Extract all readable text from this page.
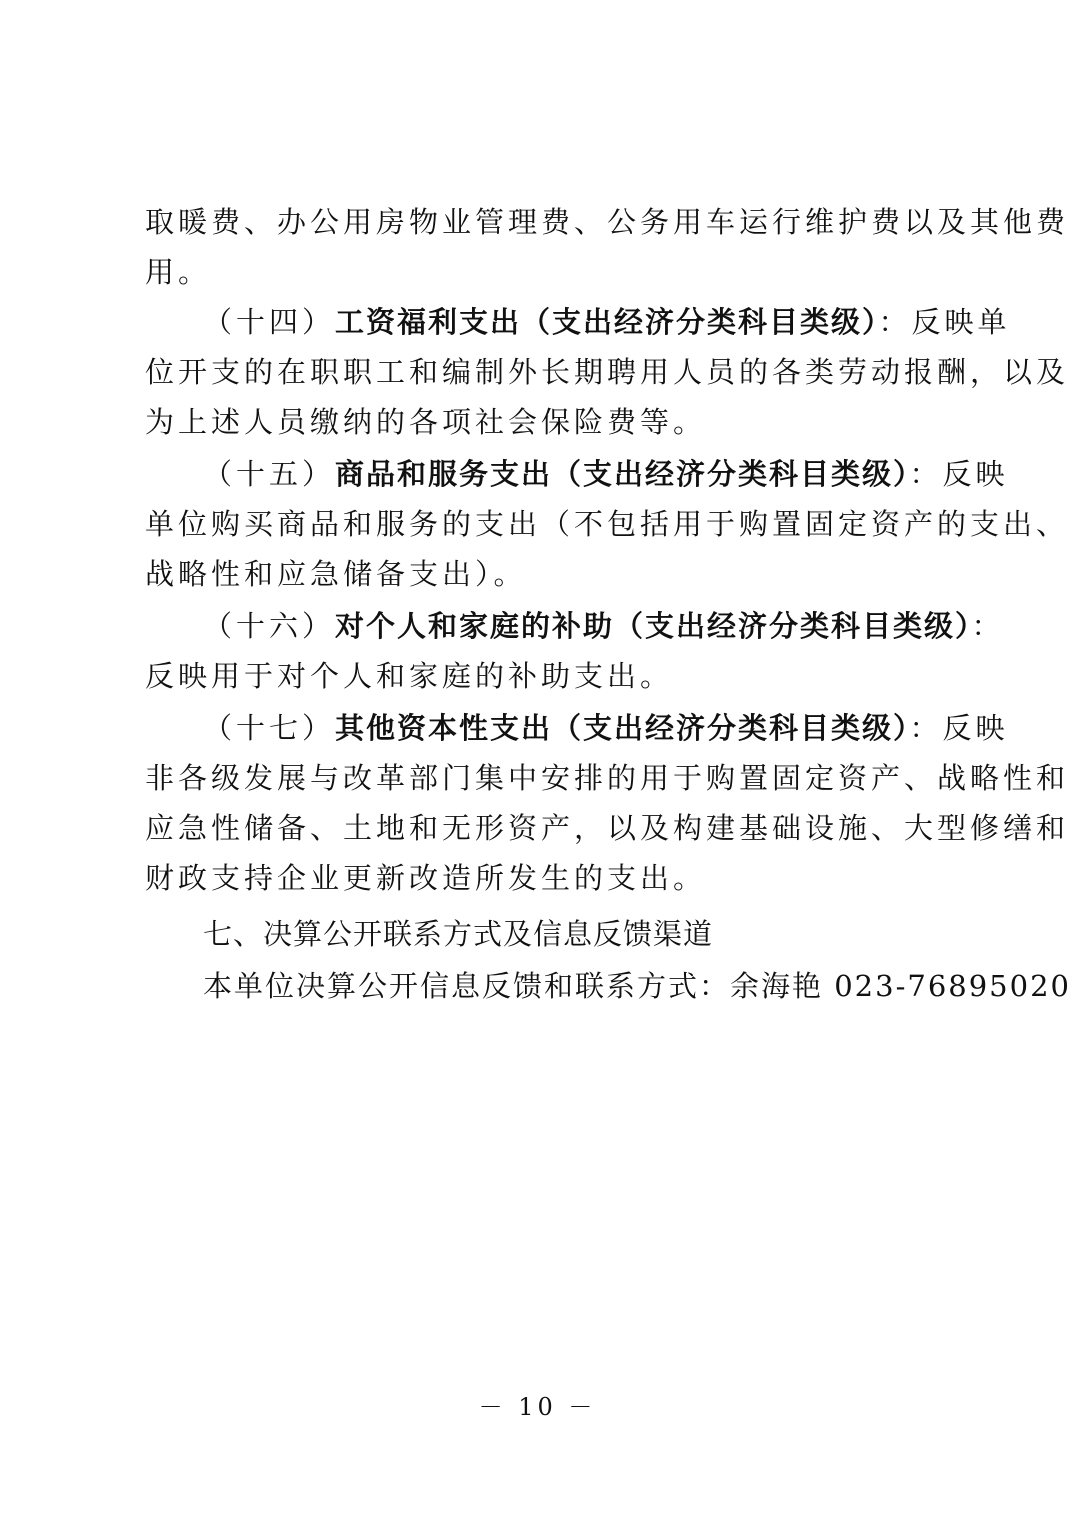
取暖费、办公用房物业管理费、公务用车运行维护费以及其他费
用。
（十四）工资福利支出（支出经济分类科目类级）：反映单
位开支的在职职工和编制外长期聘用人员的各类劳动报酬，以及
为上述人员缴纳的各项社会保险费等。
（十五）商品和服务支出（支出经济分类科目类级）：反映
单位购买商品和服务的支出（不包括用于购置固定资产的支出、
战略性和应急储备支出）。
（十六）对个人和家庭的补助（支出经济分类科目类级）：
反映用于对个人和家庭的补助支出。
（十七）其他资本性支出（支出经济分类科目类级）：反映
非各级发展与改革部门集中安排的用于购置固定资产、战略性和
应急性储备、土地和无形资产，以及构建基础设施、大型修缮和
财政支持企业更新改造所发生的支出。
七、决算公开联系方式及信息反馈渠道
本单位决算公开信息反馈和联系方式：余海艳 023-76895020
－ 10 －
